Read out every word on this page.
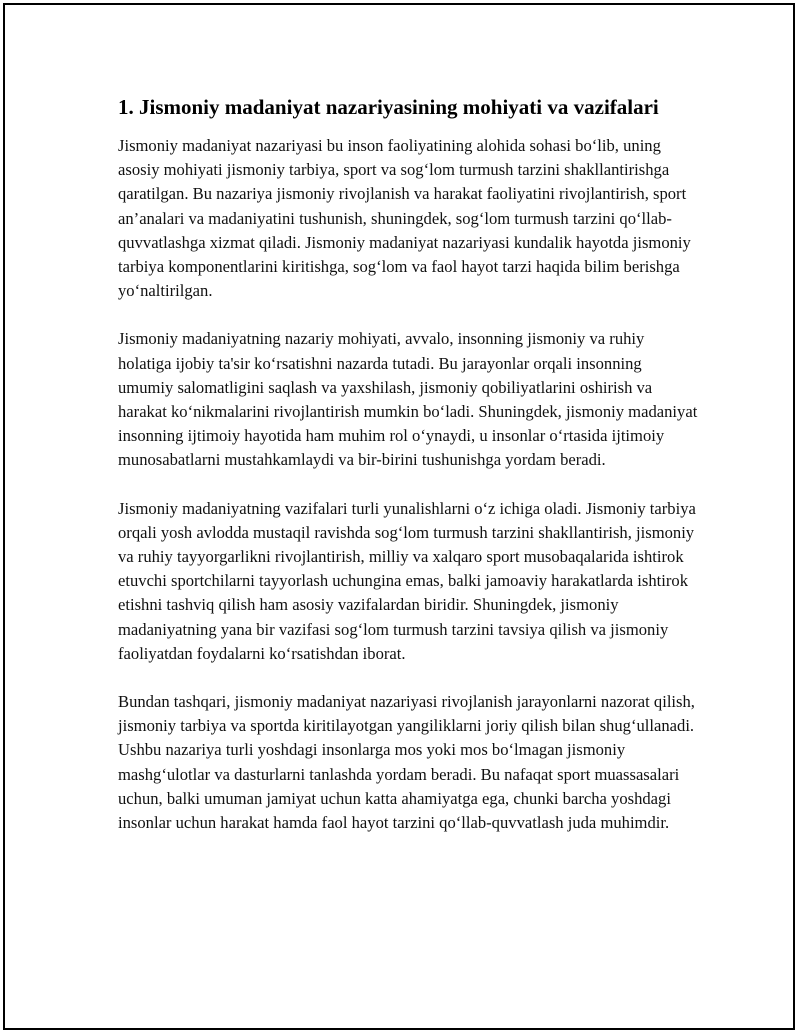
1. Jismoniy madaniyat nazariyasining mohiyati va vazifalari

Jismoniy madaniyat nazariyasi bu inson faoliyatining alohida sohasi bo‘lib, uning asosiy mohiyati jismoniy tarbiya, sport va sog‘lom turmush tarzini shakllantirishga qaratilgan. Bu nazariya jismoniy rivojlanish va harakat faoliyatini rivojlantirish, sport an’analari va madaniyatini tushunish, shuningdek, sog‘lom turmush tarzini qo‘llab-quvvatlashga xizmat qiladi. Jismoniy madaniyat nazariyasi kundalik hayotda jismoniy tarbiya komponentlarini kiritishga, sog‘lom va faol hayot tarzi haqida bilim berishga yo‘naltirilgan.

Jismoniy madaniyatning nazariy mohiyati, avvalo, insonning jismoniy va ruhiy holatiga ijobiy ta'sir ko‘rsatishni nazarda tutadi. Bu jarayonlar orqali insonning umumiy salomatligini saqlash va yaxshilash, jismoniy qobiliyatlarini oshirish va harakat ko‘nikmalarini rivojlantirish mumkin bo‘ladi. Shuningdek, jismoniy madaniyat insonning ijtimoiy hayotida ham muhim rol o‘ynaydi, u insonlar o‘rtasida ijtimoiy munosabatlarni mustahkamlaydi va bir-birini tushunishga yordam beradi.

Jismoniy madaniyatning vazifalari turli yunalishlarni o‘z ichiga oladi. Jismoniy tarbiya orqali yosh avlodda mustaqil ravishda sog‘lom turmush tarzini shakllantirish, jismoniy va ruhiy tayyorgarlikni rivojlantirish, milliy va xalqaro sport musobaqalarida ishtirok etuvchi sportchilarni tayyorlash uchungina emas, balki jamoaviy harakatlarda ishtirok etishni tashviq qilish ham asosiy vazifalardan biridir. Shuningdek, jismoniy madaniyatning yana bir vazifasi sog‘lom turmush tarzini tavsiya qilish va jismoniy faoliyatdan foydalarni ko‘rsatishdan iborat.

Bundan tashqari, jismoniy madaniyat nazariyasi rivojlanish jarayonlarni nazorat qilish, jismoniy tarbiya va sportda kiritilayotgan yangiliklarni joriy qilish bilan shug‘ullanadi. Ushbu nazariya turli yoshdagi insonlarga mos yoki mos bo‘lmagan jismoniy mashg‘ulotlar va dasturlarni tanlashda yordam beradi. Bu nafaqat sport muassasalari uchun, balki umuman jamiyat uchun katta ahamiyatga ega, chunki barcha yoshdagi insonlar uchun harakat hamda faol hayot tarzini qo‘llab-quvvatlash juda muhimdir.
